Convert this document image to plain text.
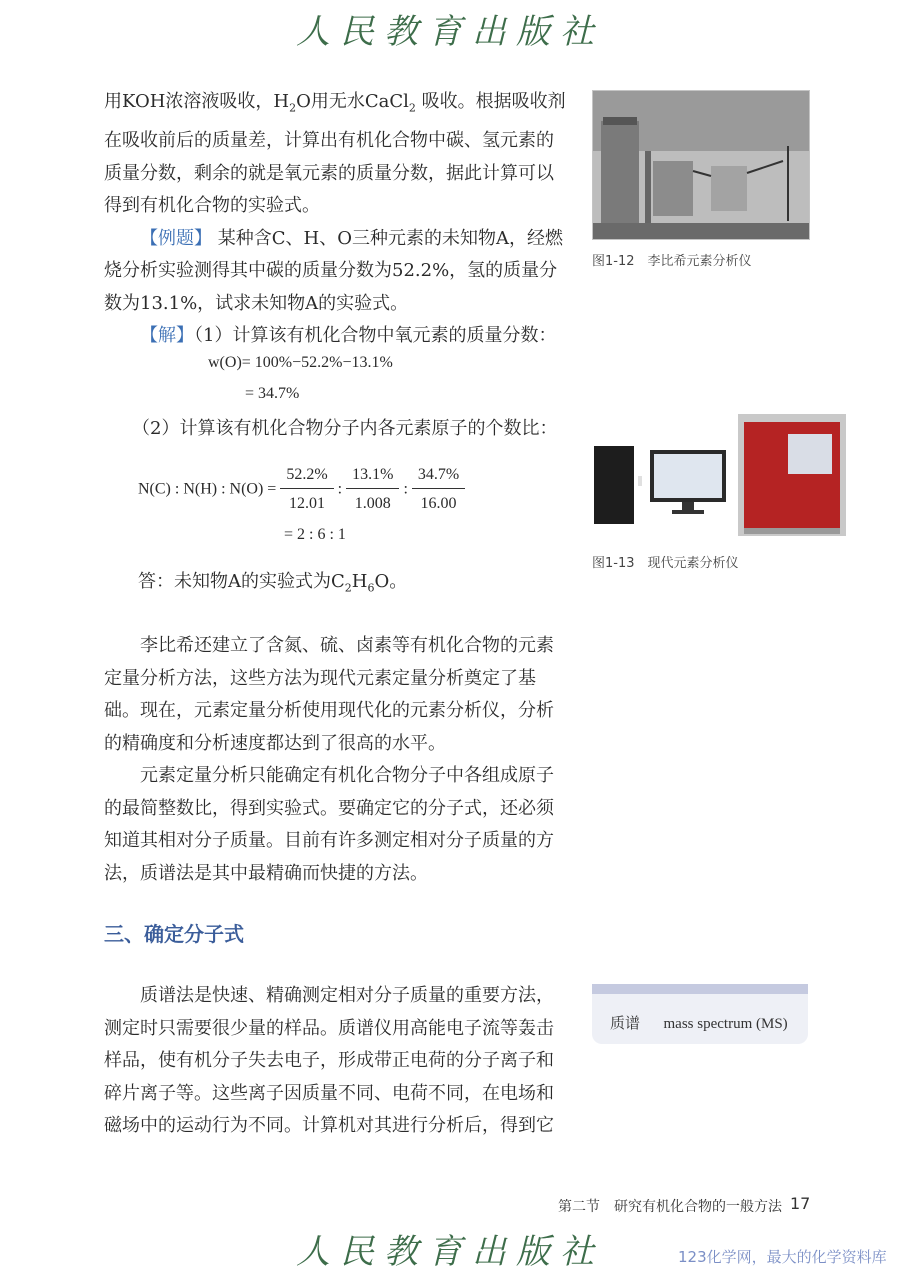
人民教育出版社

用KOH浓溶液吸收，$H_2O$用无水CaCl$_2$ 吸收。根据吸收剂在吸收前后的质量差，计算出有机化合物中碳、氢元素的质量分数，剩余的就是氧元素的质量分数，据此计算可以得到有机化合物的实验式。

【例题】 某种含C、H、O三种元素的未知物A，经燃烧分析实验测得其中碳的质量分数为52.2%，氢的质量分数为13.1%，试求未知物A的实验式。

【解】（1）计算该有机化合物中氧元素的质量分数：

w(O)= 100%−52.2%−13.1%
= 34.7%
（2）计算该有机化合物分子内各元素原子的个数比：
N(C) : N(H) : $N(O) = \frac{52.2\%}{12.01}$ : $\frac{13.1\%}{1.008}$ : $\frac{34.7\%}{16.00}$
= 2 : 6 : 1
答：未知物A的实验式为$C_2H_6O$。

李比希还建立了含氮、硫、卤素等有机化合物的元素定量分析方法，这些方法为现代元素定量分析奠定了基础。现在，元素定量分析使用现代化的元素分析仪，分析的精确度和分析速度都达到了很高的水平。

元素定量分析只能确定有机化合物分子中各组成原子的最简整数比，得到实验式。要确定它的分子式，还必须知道其相对分子质量。目前有许多测定相对分子质量的方法，质谱法是其中最精确而快捷的方法。

三、确定分子式

质谱法是快速、精确测定相对分子质量的重要方法，测定时只需要很少量的样品。质谱仪用高能电子流等轰击样品，使有机分子失去电子，形成带正电荷的分子离子和碎片离子等。这些离子因质量不同、电荷不同，在电场和磁场中的运动行为不同。计算机对其进行分析后，得到它

图1-12　李比希元素分析仪
图1-13　现代元素分析仪
质谱 mass spectrum (MS)
第二节　研究有机化合物的一般方法 17
人民教育出版社	123化学网，最大的化学资料库
